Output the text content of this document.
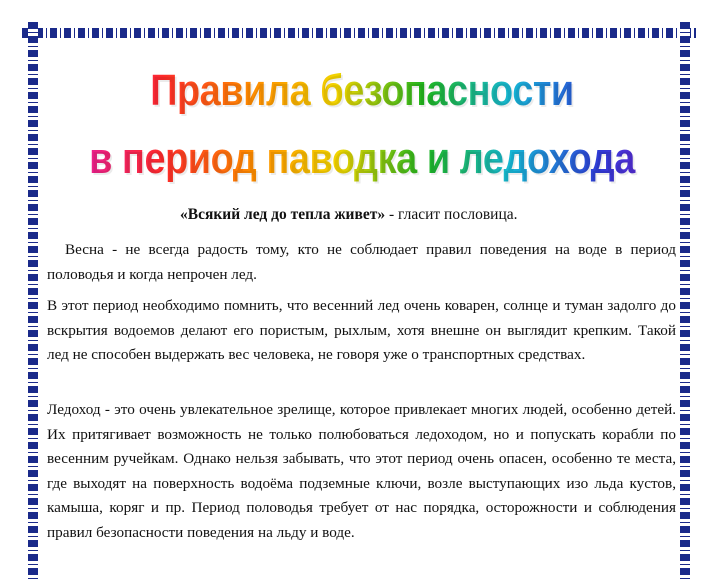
Правила безопасности
в период паводка и ледохода
«Всякий лед до тепла живет» - гласит пословица.

Весна - не всегда радость тому, кто не соблюдает правил поведения на воде в период половодья и когда непрочен лед.

В этот период необходимо помнить, что весенний лед очень коварен, солнце и туман задолго до вскрытия водоемов делают его пористым, рыхлым, хотя внешне он выглядит крепким. Такой лед не способен выдержать вес человека, не говоря уже о транспортных средствах.

Ледоход - это очень увлекательное зрелище, которое привлекает многих людей, особенно детей. Их притягивает возможность не только полюбоваться ледоходом, но и попускать корабли по весенним ручейкам. Однако нельзя забывать, что этот период очень опасен, особенно те места, где выходят на поверхность водоёма подземные ключи, возле выступающих изо льда кустов, камыша, коряг и пр. Период половодья требует от нас порядка, осторожности и соблюдения правил безопасности поведения на льду и воде.
